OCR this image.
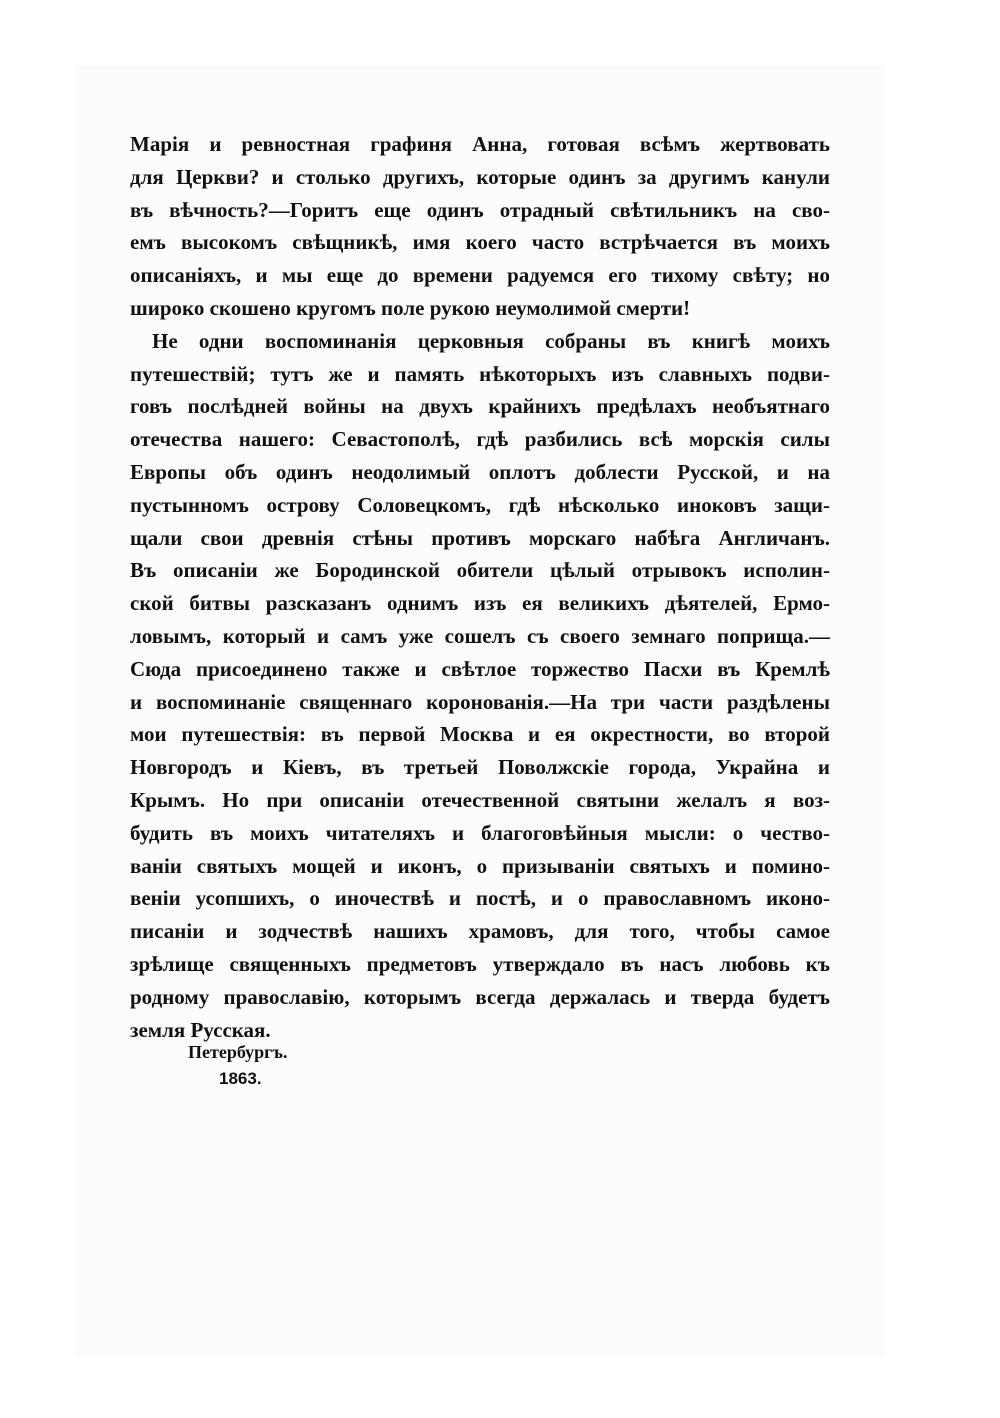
Марія и ревностная графиня Анна, готовая всѣмъ жертвовать
для Церкви? и столько другихъ, которые одинъ за другимъ канули
въ вѣчность?—Горитъ еще одинъ отрадный свѣтильникъ на сво-
емъ высокомъ свѣщникѣ, имя коего часто встрѣчается въ моихъ
описаніяхъ, и мы еще до времени радуемся его тихому свѣту; но
широко скошено кругомъ поле рукою неумолимой смерти!
Не одни воспоминанія церковныя собраны въ книгѣ моихъ
путешествій; тутъ же и память нѣкоторыхъ изъ славныхъ подви-
говъ послѣдней войны на двухъ крайнихъ предѣлахъ необъятнаго
отечества нашего: Севастополѣ, гдѣ разбились всѣ морскія силы
Европы объ одинъ неодолимый оплотъ доблести Русской, и на
пустынномъ острову Соловецкомъ, гдѣ нѣсколько иноковъ защи-
щали свои древнія стѣны противъ морскаго набѣга Англичанъ.
Въ описаніи же Бородинской обители цѣлый отрывокъ исполин-
ской битвы разсказанъ однимъ изъ ея великихъ дѣятелей, Ермо-
ловымъ, который и самъ уже сошелъ съ своего земнаго поприща.—
Сюда присоединено также и свѣтлое торжество Пасхи въ Кремлѣ
и воспоминаніе священнаго коронованія.—На три части раздѣлены
мои путешествія: въ первой Москва и ея окрестности, во второй
Новгородъ и Кіевъ, въ третьей Поволжскіе города, Украйна и
Крымъ. Но при описаніи отечественной святыни желалъ я воз-
будить въ моихъ читателяхъ и благоговѣйныя мысли: о чество-
ваніи святыхъ мощей и иконъ, о призываніи святыхъ и помино-
веніи усопшихъ, о иночествѣ и постѣ, и о православномъ иконо-
писаніи и зодчествѣ нашихъ храмовъ, для того, чтобы самое
зрѣлище священныхъ предметовъ утверждало въ насъ любовь къ
родному православію, которымъ всегда держалась и тверда будетъ
земля Русская.
Петербургъ.
1863.
